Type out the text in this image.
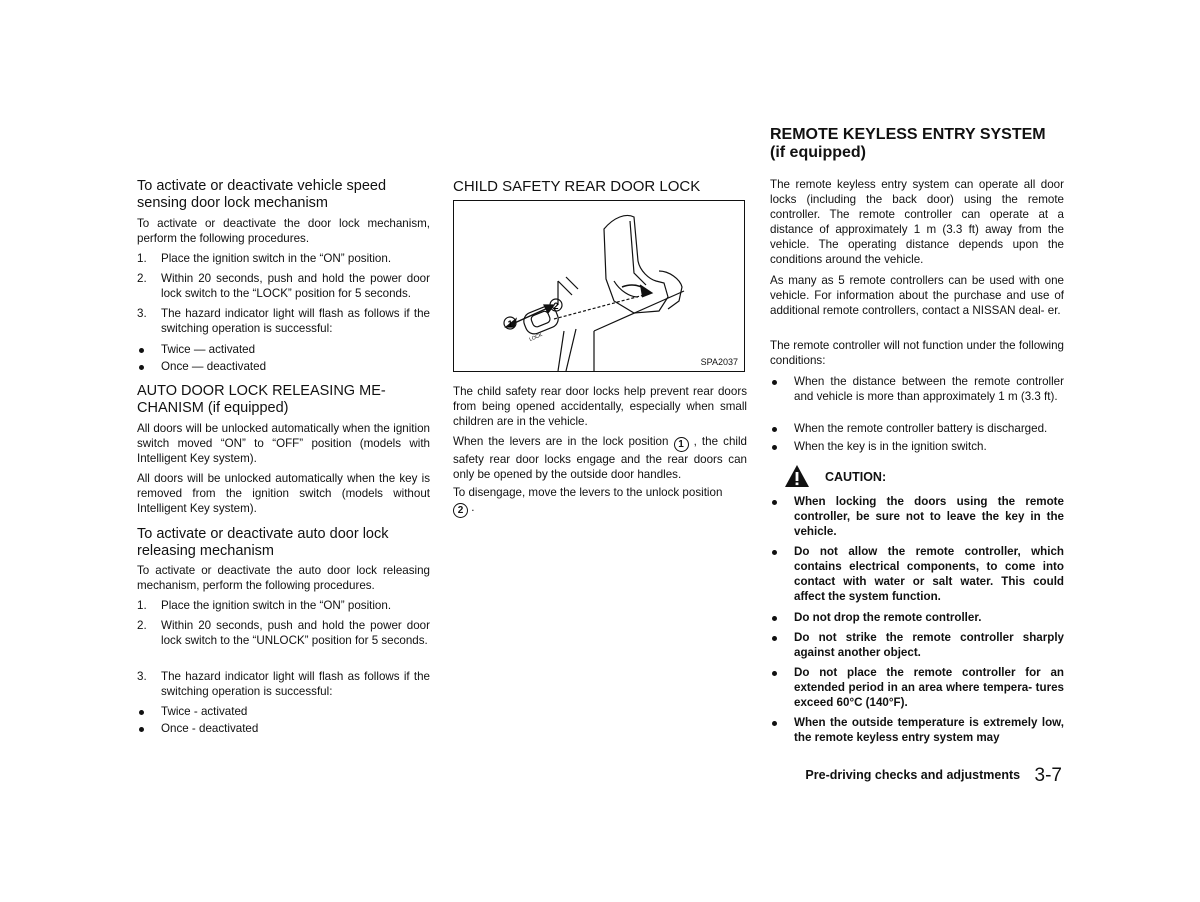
To activate or deactivate vehicle speed sensing door lock mechanism
To activate or deactivate the door lock mechanism, perform the following procedures.
1. Place the ignition switch in the “ON” position.
2. Within 20 seconds, push and hold the power door lock switch to the “LOCK” position for 5 seconds.
3. The hazard indicator light will flash as follows if the switching operation is successful:
Twice — activated
Once — deactivated
AUTO DOOR LOCK RELEASING ME- CHANISM (if equipped)
All doors will be unlocked automatically when the ignition switch moved “ON” to “OFF” position (models with Intelligent Key system).
All doors will be unlocked automatically when the key is removed from the ignition switch (models without Intelligent Key system).
To activate or deactivate auto door lock releasing mechanism
To activate or deactivate the auto door lock releasing mechanism, perform the following procedures.
1. Place the ignition switch in the “ON” position.
2. Within 20 seconds, push and hold the power door lock switch to the “UNLOCK” position for 5 seconds.
3. The hazard indicator light will flash as follows if the switching operation is successful:
Twice - activated
Once - deactivated
CHILD SAFETY REAR DOOR LOCK
1
2
LOCK
SPA2037
The child safety rear door locks help prevent rear doors from being opened accidentally, especially when small children are in the vehicle.
When the levers are in the lock position 1 , the child safety rear door locks engage and the rear doors can only be opened by the outside door handles.
To disengage, move the levers to the unlock position
2 .
REMOTE KEYLESS ENTRY SYSTEM
(if equipped)
The remote keyless entry system can operate all door locks (including the back door) using the remote controller. The remote controller can operate at a distance of approximately 1 m (3.3 ft) away from the vehicle. The operating distance depends upon the conditions around the vehicle.
As many as 5 remote controllers can be used with one vehicle. For information about the purchase and use of additional remote controllers, contact a NISSAN deal- er.
The remote controller will not function under the following conditions:
When the distance between the remote controller and vehicle is more than approximately 1 m (3.3 ft).
When the remote controller battery is discharged.
When the key is in the ignition switch.
CAUTION:
When locking the doors using the remote controller, be sure not to leave the key in the vehicle.
Do not allow the remote controller, which contains electrical components, to come into contact with water or salt water. This could affect the system function.
Do not drop the remote controller.
Do not strike the remote controller sharply against another object.
Do not place the remote controller for an extended period in an area where tempera- tures exceed 60°C (140°F).
When the outside temperature is extremely low, the remote keyless entry system may
Pre-driving checks and adjustments 3-7
